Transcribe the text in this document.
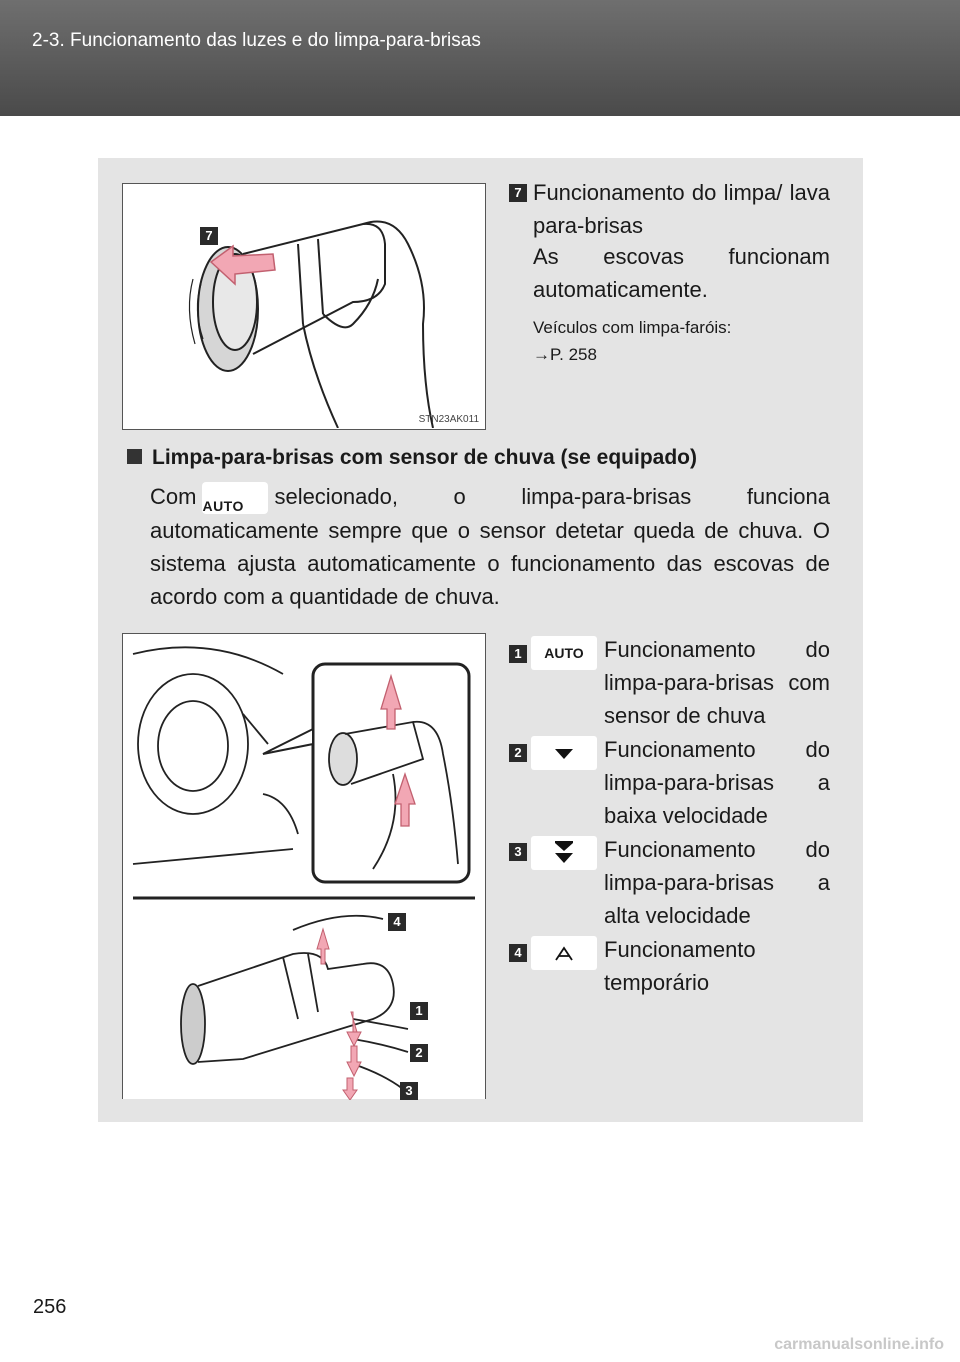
2-3. Funcionamento das luzes e do limpa-para-brisas
7
STN23AK011
7 Funcionamento do limpa/ lava para-brisas
As escovas funcionam automaticamente.
Veículos com limpa-faróis:
→P. 258
Limpa-para-brisas com sensor de chuva (se equipado)
Com AUTO	selecionado, o limpa-para-brisas funciona automaticamente sempre que o sensor detetar queda de chuva. O sistema ajusta automaticamente o funcionamento das escovas de acordo com a quantidade de chuva.
4
1
2
3
1	AUTO Funcionamento do limpa-para-brisas com sensor de chuva
2	Funcionamento do limpa-para-brisas a baixa velocidade
3	Funcionamento do limpa-para-brisas a alta velocidade
4	Funcionamento temporário
256
carmanualsonline.info
